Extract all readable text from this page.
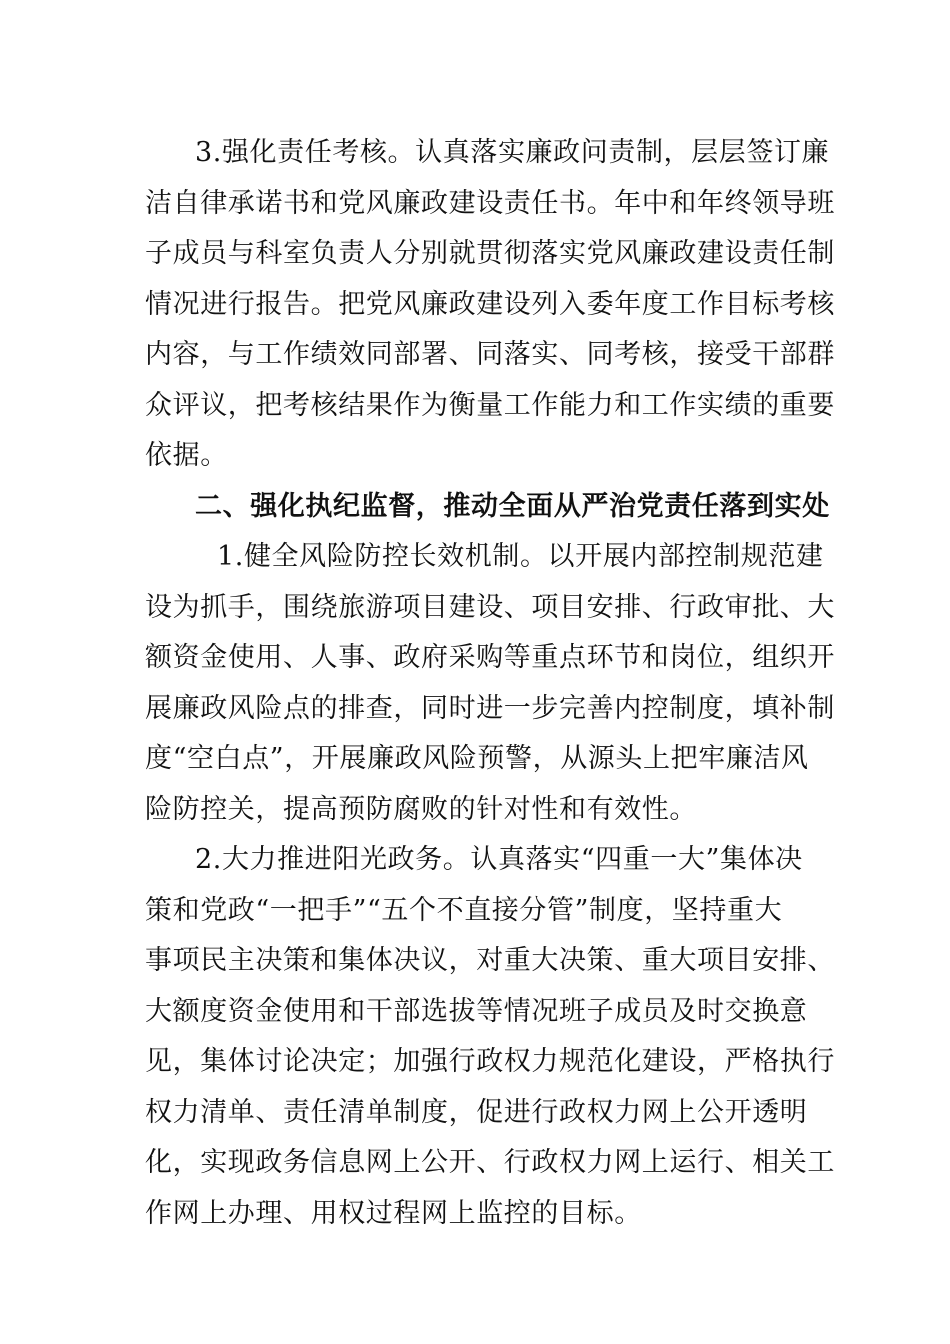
3.强化责任考核。认真落实廉政问责制，层层签订廉
洁自律承诺书和党风廉政建设责任书。年中和年终领导班
子成员与科室负责人分别就贯彻落实党风廉政建设责任制
情况进行报告。把党风廉政建设列入委年度工作目标考核
内容，与工作绩效同部署、同落实、同考核，接受干部群
众评议，把考核结果作为衡量工作能力和工作实绩的重要
依据。
二、强化执纪监督，推动全面从严治党责任落到实处
1.健全风险防控长效机制。以开展内部控制规范建
设为抓手，围绕旅游项目建设、项目安排、行政审批、大
额资金使用、人事、政府采购等重点环节和岗位，组织开
展廉政风险点的排查，同时进一步完善内控制度，填补制
度“空白点”，开展廉政风险预警，从源头上把牢廉洁风
险防控关，提高预防腐败的针对性和有效性。
2.大力推进阳光政务。认真落实“四重一大”集体决
策和党政“一把手”“五个不直接分管”制度，坚持重大
事项民主决策和集体决议，对重大决策、重大项目安排、
大额度资金使用和干部选拔等情况班子成员及时交换意
见，集体讨论决定；加强行政权力规范化建设，严格执行
权力清单、责任清单制度，促进行政权力网上公开透明
化，实现政务信息网上公开、行政权力网上运行、相关工
作网上办理、用权过程网上监控的目标。
